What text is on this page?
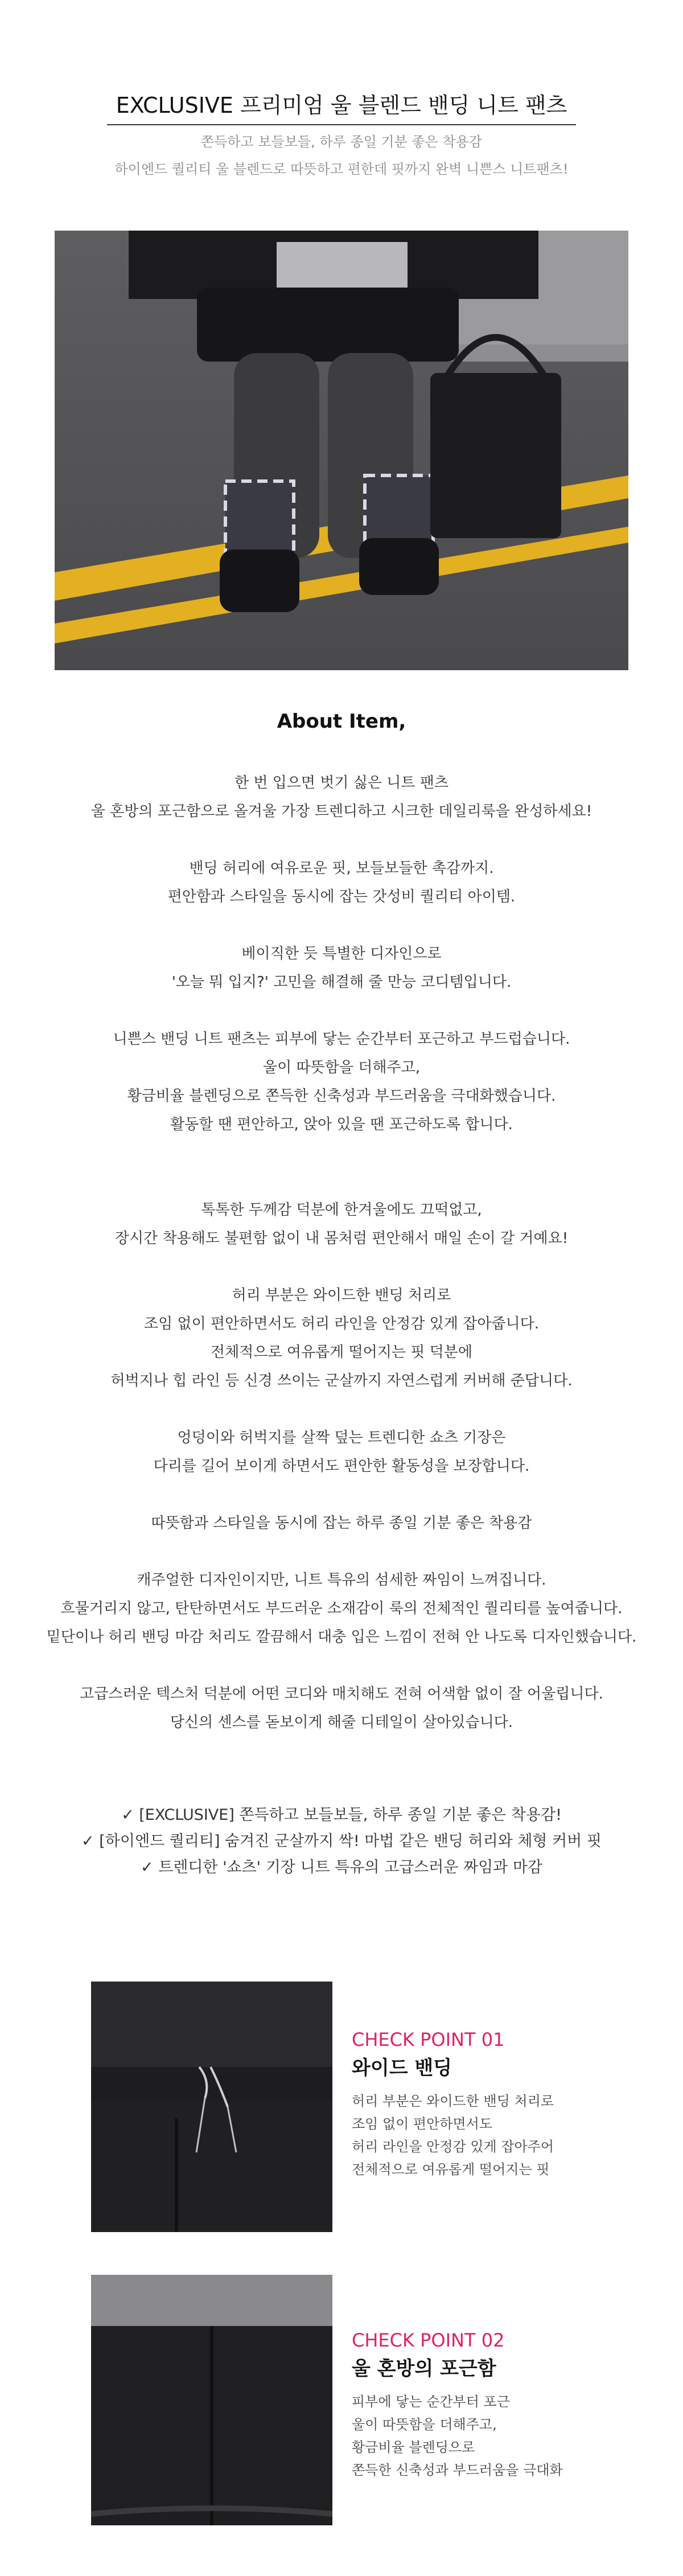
EXCLUSIVE 프리미엄 울 블렌드 밴딩 니트 팬츠
쫀득하고 보들보들, 하루 종일 기분 좋은 착용감
하이엔드 퀄리티 울 블렌드로 따뜻하고 편한데 핏까지 완벽 니쁜스 니트팬츠!
About Item,
한 번 입으면 벗기 싫은 니트 팬츠
울 혼방의 포근함으로 올겨울 가장 트렌디하고 시크한 데일리룩을 완성하세요!
밴딩 허리에 여유로운 핏, 보들보들한 촉감까지.
편안함과 스타일을 동시에 잡는 갓성비 퀄리티 아이템.
베이직한 듯 특별한 디자인으로
'오늘 뭐 입지?' 고민을 해결해 줄 만능 코디템입니다.
니쁜스 밴딩 니트 팬츠는 피부에 닿는 순간부터 포근하고 부드럽습니다.
울이 따뜻함을 더해주고,
황금비율 블렌딩으로 쫀득한 신축성과 부드러움을 극대화했습니다.
활동할 땐 편안하고, 앉아 있을 땐 포근하도록 합니다.
톡톡한 두께감 덕분에 한겨울에도 끄떡없고,
장시간 착용해도 불편함 없이 내 몸처럼 편안해서 매일 손이 갈 거예요!
허리 부분은 와이드한 밴딩 처리로
조임 없이 편안하면서도 허리 라인을 안정감 있게 잡아줍니다.
전체적으로 여유롭게 떨어지는 핏 덕분에
허벅지나 힙 라인 등 신경 쓰이는 군살까지 자연스럽게 커버해 준답니다.
엉덩이와 허벅지를 살짝 덮는 트렌디한 쇼츠 기장은
다리를 길어 보이게 하면서도 편안한 활동성을 보장합니다.
따뜻함과 스타일을 동시에 잡는 하루 종일 기분 좋은 착용감
캐주얼한 디자인이지만, 니트 특유의 섬세한 짜임이 느껴집니다.
흐물거리지 않고, 탄탄하면서도 부드러운 소재감이 룩의 전체적인 퀄리티를 높여줍니다.
밑단이나 허리 밴딩 마감 처리도 깔끔해서 대충 입은 느낌이 전혀 안 나도록 디자인했습니다.
고급스러운 텍스처 덕분에 어떤 코디와 매치해도 전혀 어색함 없이 잘 어울립니다.
당신의 센스를 돋보이게 해줄 디테일이 살아있습니다.
✓ [EXCLUSIVE] 쫀득하고 보들보들, 하루 종일 기분 좋은 착용감!
✓ [하이엔드 퀄리티] 숨겨진 군살까지 싹! 마법 같은 밴딩 허리와 체형 커버 핏
✓ 트렌디한 '쇼츠' 기장 니트 특유의 고급스러운 짜임과 마감
CHECK POINT 01
와이드 밴딩
허리 부분은 와이드한 밴딩 처리로
조임 없이 편안하면서도
허리 라인을 안정감 있게 잡아주어
전체적으로 여유롭게 떨어지는 핏
CHECK POINT 02
울 혼방의 포근함
피부에 닿는 순간부터 포근
울이 따뜻함을 더해주고,
황금비율 블렌딩으로
쫀득한 신축성과 부드러움을 극대화
